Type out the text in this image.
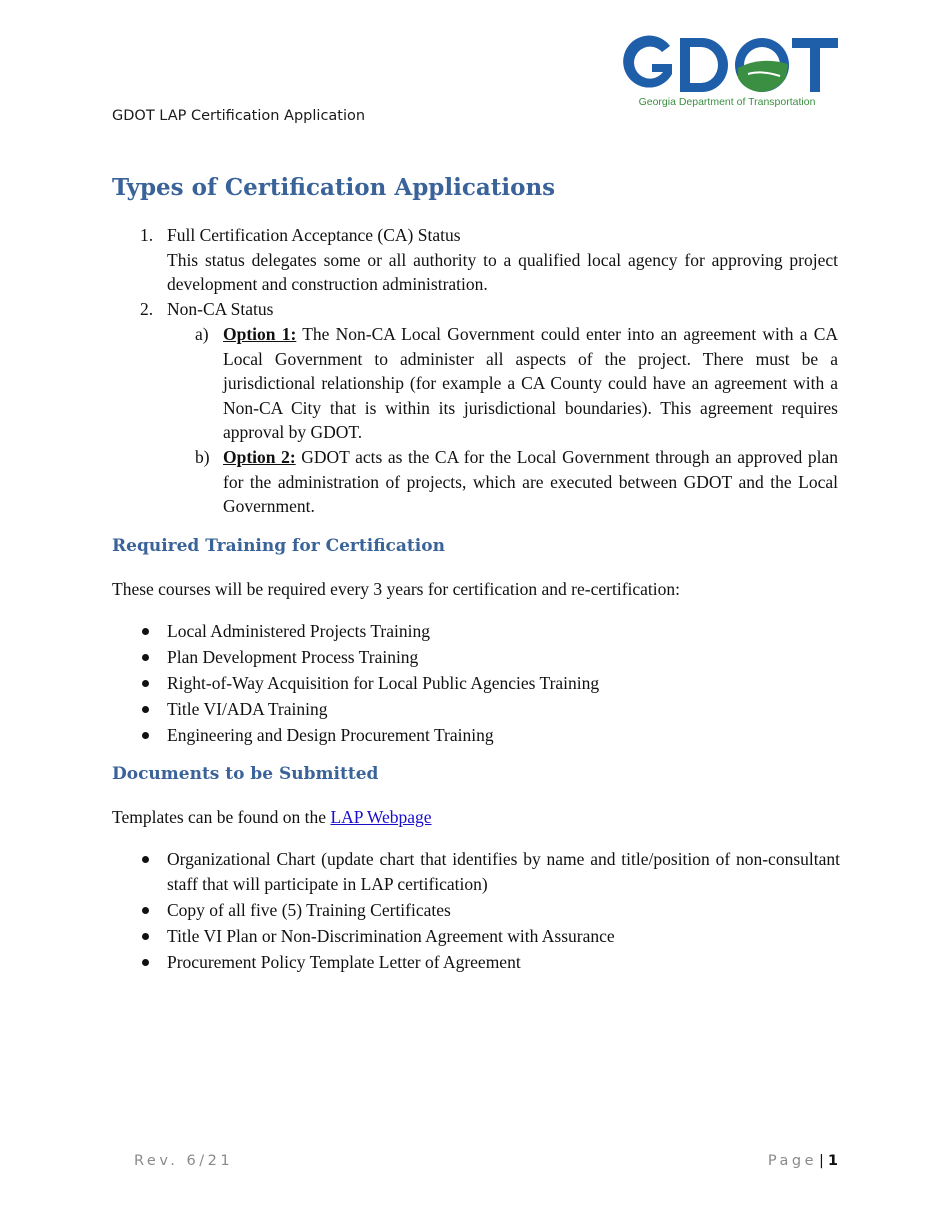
Georgia Department of Transportation
GDOT LAP Certification Application
Types of Certification Applications
1. Full Certification Acceptance (CA) Status
This status delegates some or all authority to a qualified local agency for approving project development and construction administration.
2. Non-CA Status
a) Option 1: The Non-CA Local Government could enter into an agreement with a CA Local Government to administer all aspects of the project. There must be a jurisdictional relationship (for example a CA County could have an agreement with a Non-CA City that is within its jurisdictional boundaries). This agreement requires approval by GDOT.
b) Option 2: GDOT acts as the CA for the Local Government through an approved plan for the administration of projects, which are executed between GDOT and the Local Government.
Required Training for Certification
These courses will be required every 3 years for certification and re-certification:
Local Administered Projects Training
Plan Development Process Training
Right-of-Way Acquisition for Local Public Agencies Training
Title VI/ADA Training
Engineering and Design Procurement Training
Documents to be Submitted
Templates can be found on the LAP Webpage
Organizational Chart (update chart that identifies by name and title/position of non-consultant staff that will participate in LAP certification)
Copy of all five (5) Training Certificates
Title VI Plan or Non-Discrimination Agreement with Assurance
Procurement Policy Template Letter of Agreement
Rev. 6/21	Page | 1
